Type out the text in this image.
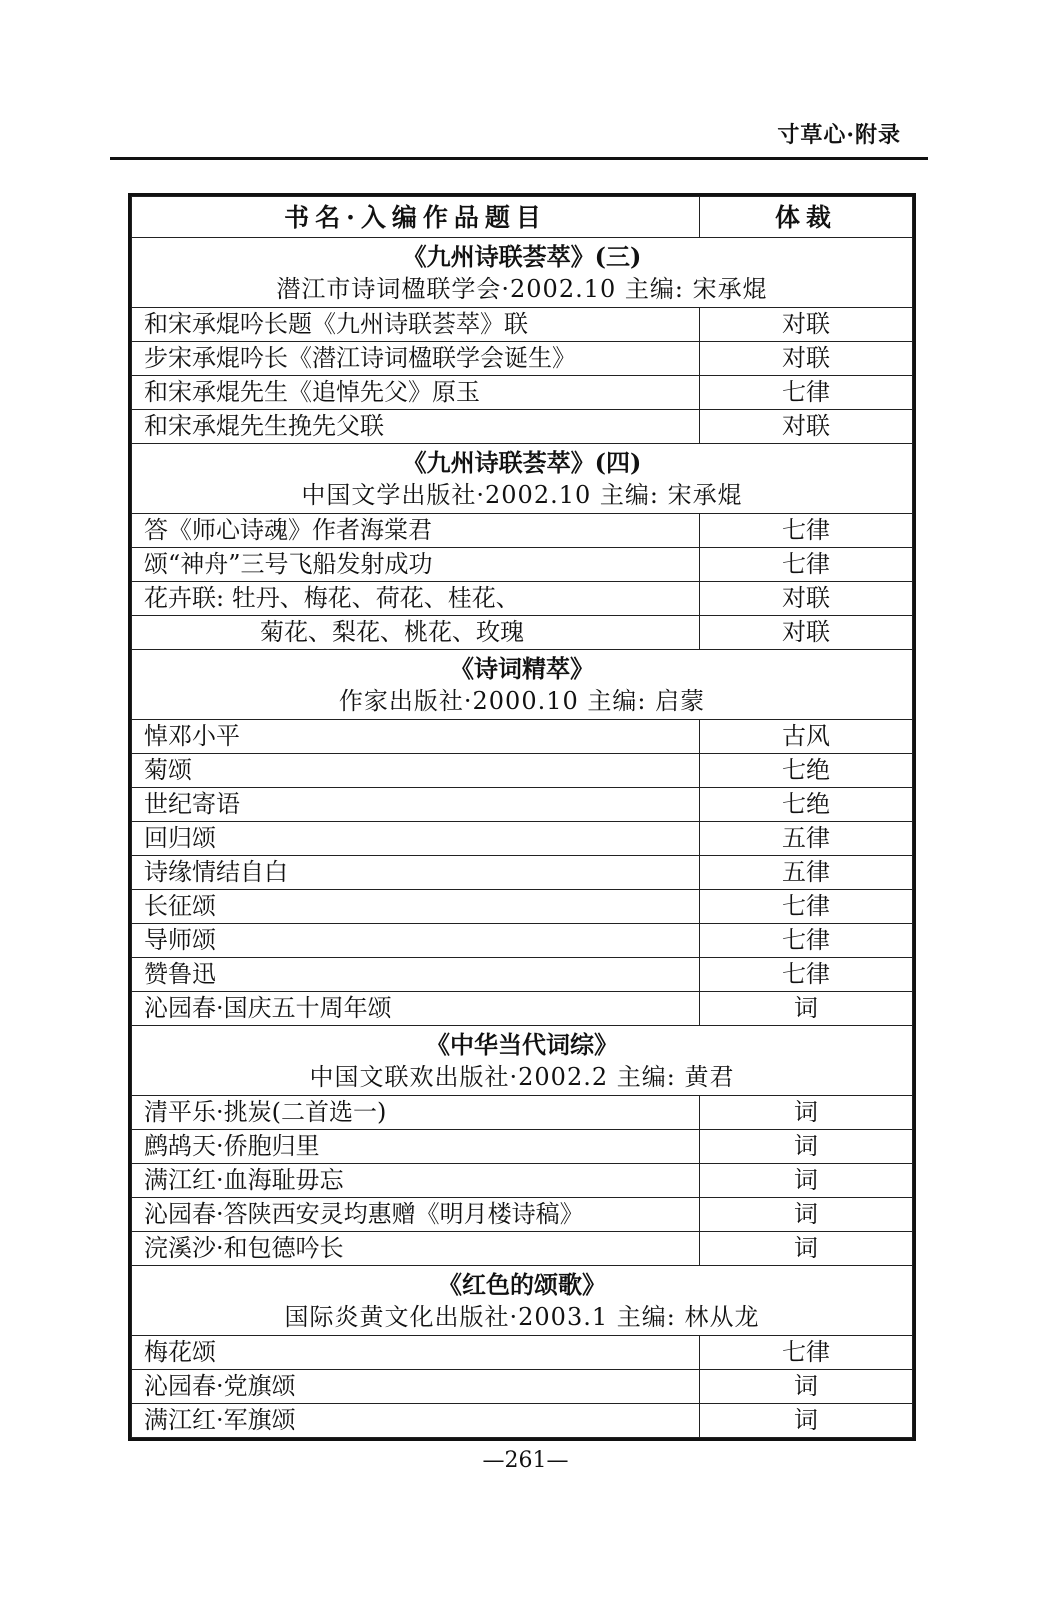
寸草心·附录
书名·入编作品题目	体裁

《九州诗联荟萃》(三)
潜江市诗词楹联学会·2002.10 主编: 宋承焜	

和宋承焜吟长题《九州诗联荟萃》联	对联
步宋承焜吟长《潜江诗词楹联学会诞生》	对联
和宋承焜先生《追悼先父》原玉	七律
和宋承焜先生挽先父联	对联

《九州诗联荟萃》(四)
中国文学出版社·2002.10 主编: 宋承焜	

答《师心诗魂》作者海棠君	七律
颂“神舟”三号飞船发射成功	七律
花卉联: 牡丹、梅花、荷花、桂花、	对联
菊花、梨花、桃花、玫瑰	对联

《诗词精萃》
作家出版社·2000.10 主编: 启蒙	

悼邓小平	古风
菊颂	七绝
世纪寄语	七绝
回归颂	五律
诗缘情结自白	五律
长征颂	七律
导师颂	七律
赞鲁迅	七律
沁园春·国庆五十周年颂	词

《中华当代词综》
中国文联欢出版社·2002.2 主编: 黄君	

清平乐·挑炭(二首选一)	词
鹧鸪天·侨胞归里	词
满江红·血海耻毋忘	词
沁园春·答陕西安灵均惠赠《明月楼诗稿》	词
浣溪沙·和包德吟长	词

《红色的颂歌》
国际炎黄文化出版社·2003.1 主编: 林从龙	

梅花颂	七律
沁园春·党旗颂	词
满江红·军旗颂	词
—261—
